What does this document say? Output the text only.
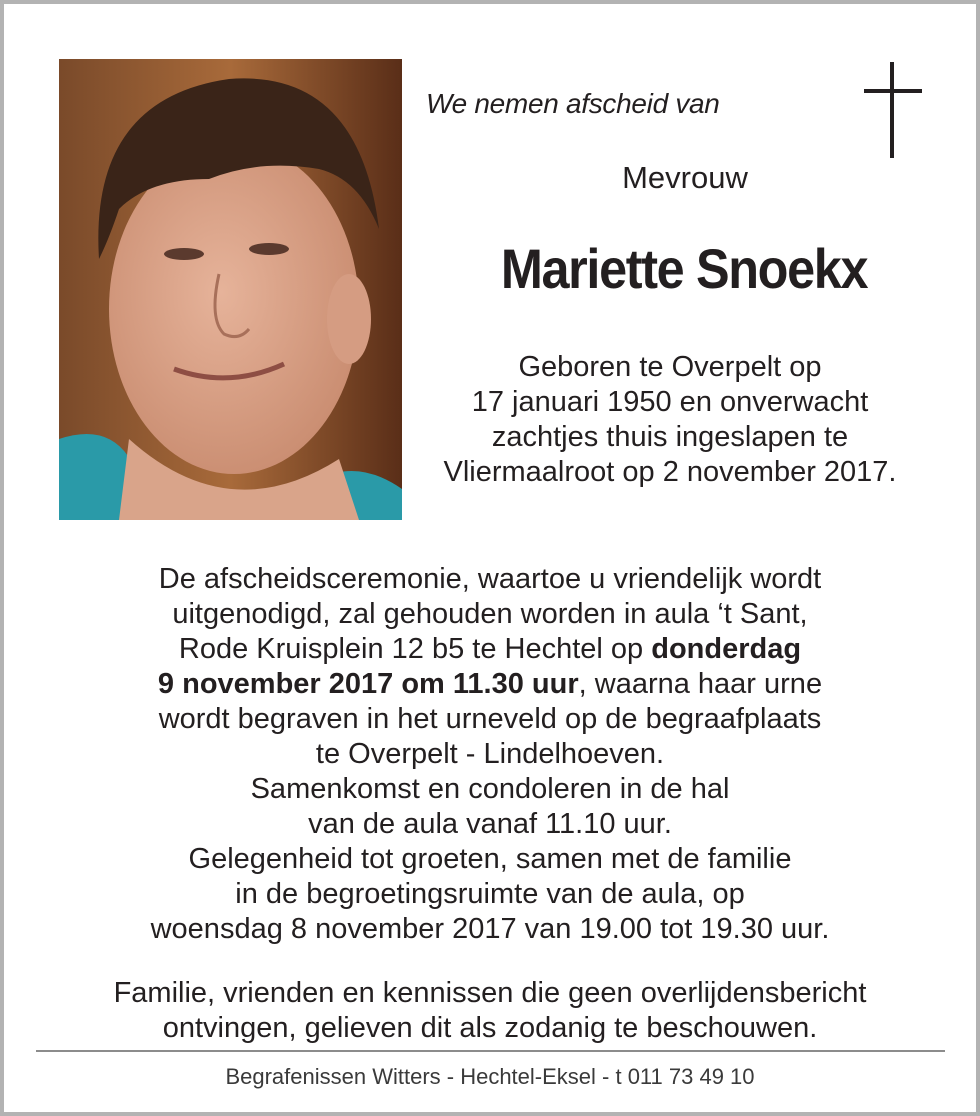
We nemen afscheid van
Mevrouw
Mariette Snoekx
Geboren te Overpelt op
17 januari 1950 en onverwacht
zachtjes thuis ingeslapen te
Vliermaalroot op 2 november 2017.
De afscheidsceremonie, waartoe u vriendelijk wordt
uitgenodigd, zal gehouden worden in aula ‘t Sant,
Rode Kruisplein 12 b5 te Hechtel op donderdag
9 november 2017 om 11.30 uur, waarna haar urne
wordt begraven in het urneveld op de begraafplaats
te Overpelt - Lindelhoeven.
Samenkomst en condoleren in de hal
van de aula vanaf 11.10 uur.
Gelegenheid tot groeten, samen met de familie
in de begroetingsruimte van de aula, op
woensdag 8 november 2017 van 19.00 tot 19.30 uur.
Familie, vrienden en kennissen die geen overlijdensbericht
ontvingen, gelieven dit als zodanig te beschouwen.
Begrafenissen Witters - Hechtel-Eksel - t 011 73 49 10
